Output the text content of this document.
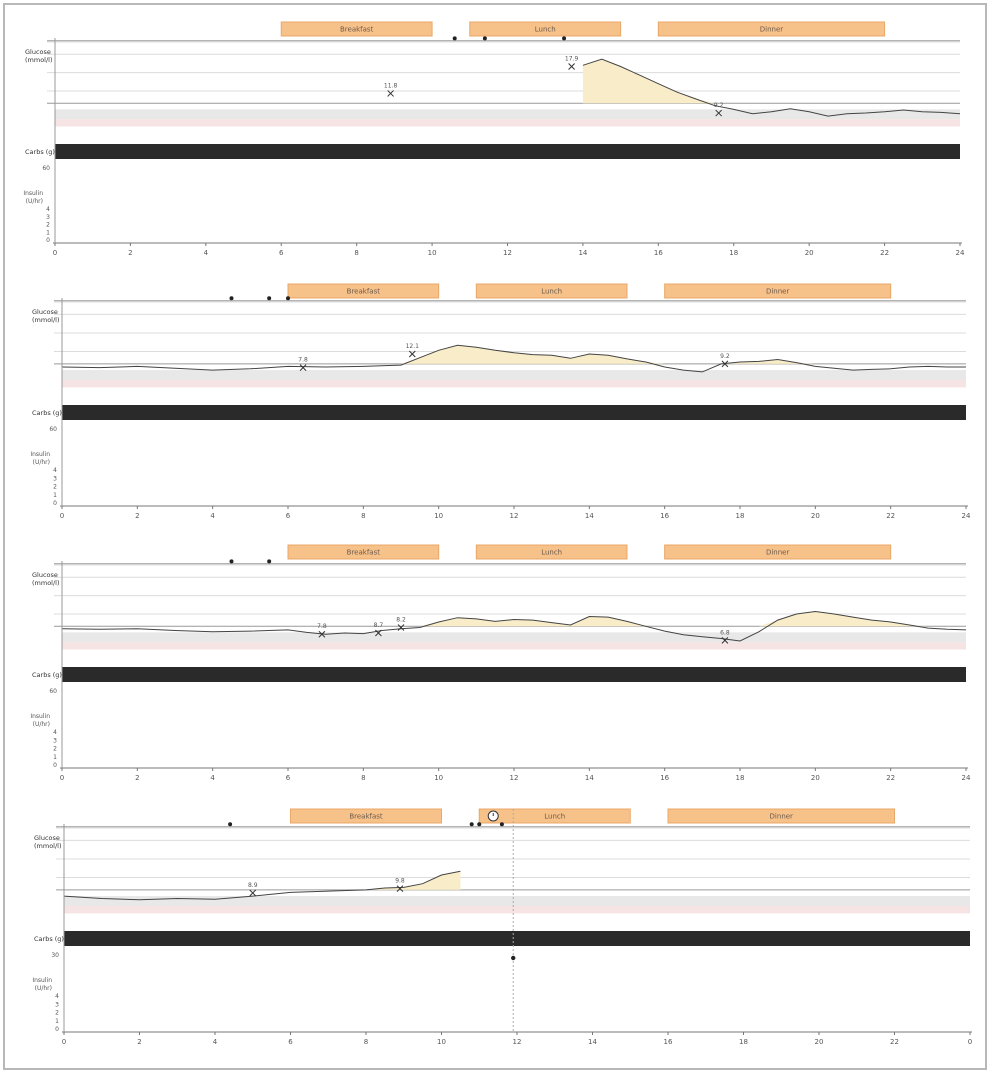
Breakfast	Lunch	Dinner
Glucose
(mmol/l)
11.8
17.9
9.2
Carbs (g)
60
Insulin
(U/hr)
4
3
2
1
0
0	2	4	6	8	10	12	14	16	18	20	22	24
Breakfast	Lunch	Dinner
Glucose
(mmol/l)
7.8
12.1
9.2
Carbs (g)
60
Insulin
(U/hr)
4
3
2
1
0
0	2	4	6	8	10	12	14	16	18	20	22	24
Breakfast	Lunch	Dinner
Glucose
(mmol/l)
7.8	8.7
8.2
6.8
Carbs (g)
60
Insulin
(U/hr)
4
3
2
1
0
0	2	4	6	8	10	12	14	16	18	20	22	24
Breakfast	Lunch	Dinner
Glucose
(mmol/l)
8.9
9.8
Carbs (g)
30
Insulin
(U/hr)
4
3
2
1
0
0	2	4	6	8	10	12	14	16	18	20	22	0
